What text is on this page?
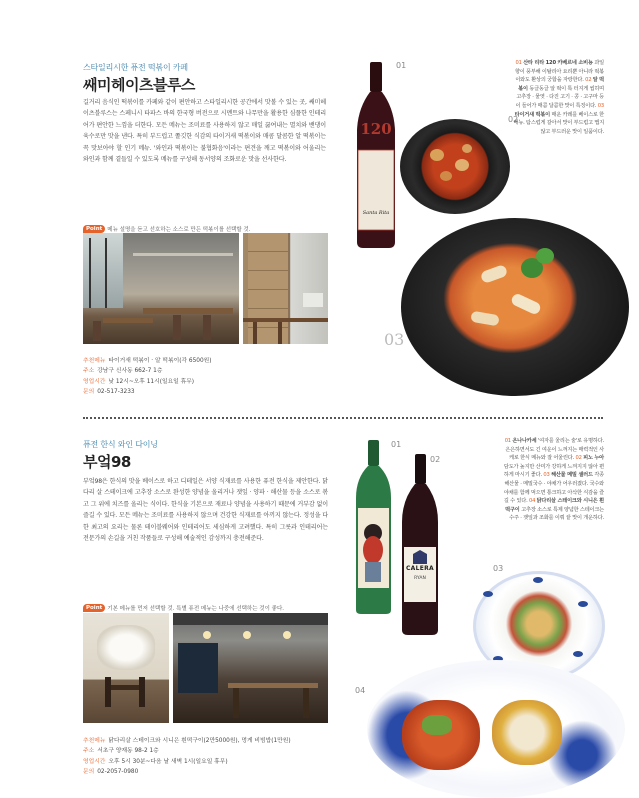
스타일리시한 퓨전 떡볶이 카페
쌔미헤이츠블루스
길거리 음식인 떡볶이를 카페와 같이 편안하고 스타일리시한 공간에서 맛볼 수 있는 곳, 쌔미헤이츠블루스는 스페니시 타파스 바의 한국형 버전으로 시멘트와 나무만을 활용한 심플한 인테리어가 편안한 느낌을 더한다. 모든 메뉴는 조미료를 사용하지 않고 매일 끓여내는 멸치와 밴댕이 육수로만 맛을 낸다. 특히 부드럽고 쫄깃한 식감의 타이거새 떡볶이와 매콤 달콤한 알 떡볶이는 꼭 맛보아야 할 인기 메뉴. '와인과 떡볶이는 불협화음'이라는 편견을 깨고 떡볶이와 어울리는 와인과 함께 곁들일 수 있도록 메뉴를 구성해 동서양의 조화로운 맛을 선사한다.
Point 메뉴 설명을 듣고 선호하는 소스로 만든 떡볶이를 선택할 것.
추천메뉴 타이거새 떡볶이 · 알 떡볶이(각 6500원)
주소 강남구 신사동 662-7 1층
영업시간 낮 12시~오후 11시(일요일 휴무)
문의 02-517-3233
01
120
Santa Rita
02
03
01 산타 리타 120 카베르네 소비뇽 과일 향이 풍부해 이탈리아 요리뿐 아니라 떡볶이와도 환상의 궁합을 자랑한다. 02 알 떡볶이 동글동글 알 떡이 톡 터지게 씹히며 고추장 · 물엿 · 다진 고기 · 콩 · 고구마 등이 들어가 매콤 달콤한 맛이 특징이다. 03 타이거새 떡볶이 매운 카레를 베이스로 한 메뉴. 탐스럽게 갈아서 맛이 부드럽고 맵지 않고 부드러운 맛이 일품이다.
퓨전 한식 와인 다이닝
부엌98
부엌98은 한식의 맛을 베이스로 하고 디테일은 서양 식재료를 사용한 퓨전 한식을 제안한다. 닭 다리 살 스테이크에 고추장 소스로 완성한 양념을 올리거나 잿잎 · 양파 · 해산물 등을 소스로 볶고 그 위에 치즈를 올리는 식이다. 한식을 기본으로 재료나 양념을 사용하기 때문에 거부감 없이 즐길 수 있다. 모든 메뉴는 조미료를 사용하지 않으며 건강한 식재료를 아끼지 않는다. 정성을 다한 최고의 요리는 물론 테이블웨어와 인테리어도 세심하게 고려했다. 특히 그릇과 인테리어는 전문가의 손길을 거친 작품들로 구성해 예술적인 감성까지 충전해준다.
Point 기본 메뉴를 먼저 선택할 것. 특별 퓨전 메뉴는 나중에 선택하는 것이 좋다.
추천메뉴 닭다리살 스테이크와 시니은 흰떡구이(2만5000원), 멍게 비빔밥(1만원)
주소 서초구 양재동 98-2 1층
영업시간 오후 5시 30분~다음 날 새벽 1시(일요일 휴무)
문의 02-2057-0980
01
02
CALERA
RYAN
01 온나나카세 '여자를 울리는 술'로 유명하다. 은은하면서도 긴 여운이 느껴지는 매력적인 사케로 한식 메뉴와 잘 어울린다. 02 피노 누아 담도가 높지만 산미가 강하게 느껴지지 않아 편하게 마시기 좋다. 03 해산물 메밀 샐러드 각종 해산물 · 메밀국수 · 야채가 어우러졌다. 국수와 야채를 함께 먹으면 통크하고 아삭한 식감을 즐길 수 있다. 04 닭다리살 스테이크와 시니은 흰떡구이 고추장 소스로 특제 양념한 스테이크는 수주 · 잿잎과 조화를 이뤄 끝 맛이 개운하다.
03
04
